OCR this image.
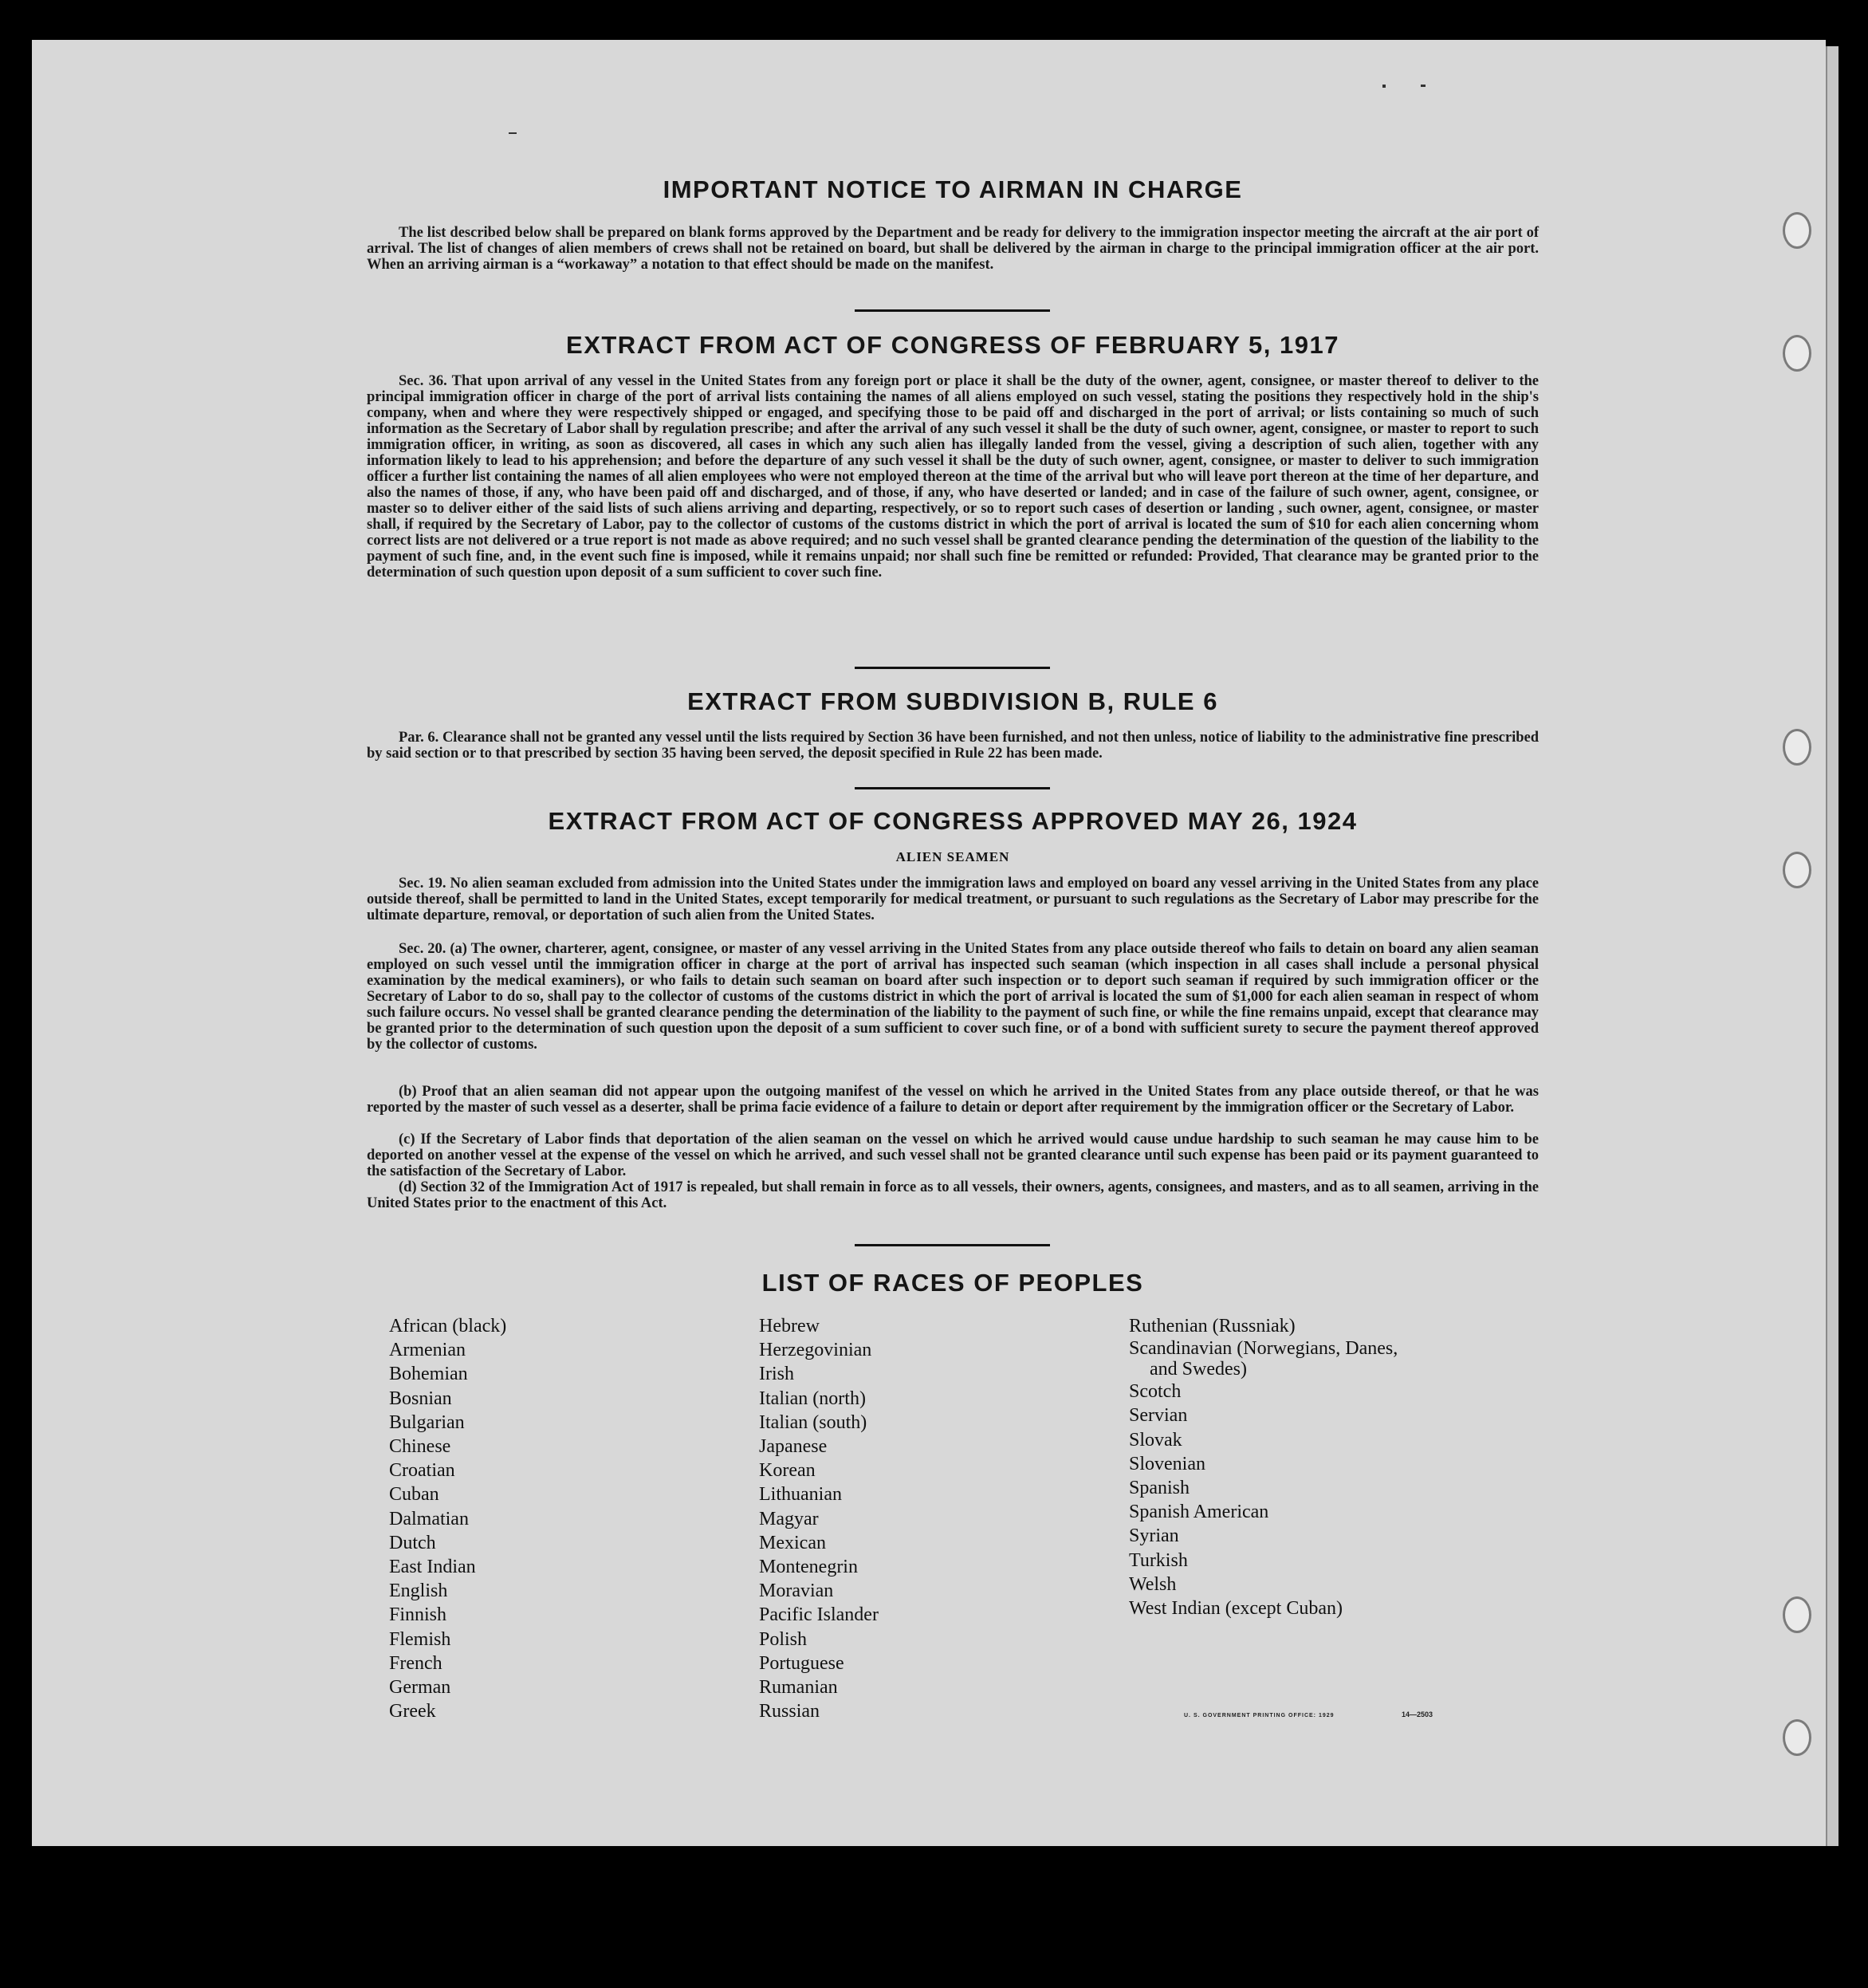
IMPORTANT NOTICE TO AIRMAN IN CHARGE

The list described below shall be prepared on blank forms approved by the Department and be ready for delivery to the immigration inspector meeting the aircraft at the air port of arrival. The list of changes of alien members of crews shall not be retained on board, but shall be delivered by the airman in charge to the principal immigration officer at the air port. When an arriving airman is a “workaway” a notation to that effect should be made on the manifest.

EXTRACT FROM ACT OF CONGRESS OF FEBRUARY 5, 1917

Sec. 36. That upon arrival of any vessel in the United States from any foreign port or place it shall be the duty of the owner, agent, consignee, or master thereof to deliver to the principal immigration officer in charge of the port of arrival lists containing the names of all aliens employed on such vessel, stating the positions they respectively hold in the ship's company, when and where they were respectively shipped or engaged, and specifying those to be paid off and discharged in the port of arrival; or lists containing so much of such information as the Secretary of Labor shall by regulation prescribe; and after the arrival of any such vessel it shall be the duty of such owner, agent, consignee, or master to report to such immigration officer, in writing, as soon as discovered, all cases in which any such alien has illegally landed from the vessel, giving a description of such alien, together with any information likely to lead to his apprehension; and before the departure of any such vessel it shall be the duty of such owner, agent, consignee, or master to deliver to such immigration officer a further list containing the names of all alien employees who were not employed thereon at the time of the arrival but who will leave port thereon at the time of her departure, and also the names of those, if any, who have been paid off and discharged, and of those, if any, who have deserted or landed; and in case of the failure of such owner, agent, consignee, or master so to deliver either of the said lists of such aliens arriving and departing, respectively, or so to report such cases of desertion or landing , such owner, agent, consignee, or master shall, if required by the Secretary of Labor, pay to the collector of customs of the customs district in which the port of arrival is located the sum of $10 for each alien concerning whom correct lists are not delivered or a true report is not made as above required; and no such vessel shall be granted clearance pending the determination of the question of the liability to the payment of such fine, and, in the event such fine is imposed, while it remains unpaid; nor shall such fine be remitted or refunded: Provided, That clearance may be granted prior to the determination of such question upon deposit of a sum sufficient to cover such fine.

EXTRACT FROM SUBDIVISION B, RULE 6

Par. 6. Clearance shall not be granted any vessel until the lists required by Section 36 have been furnished, and not then unless, notice of liability to the administrative fine prescribed by said section or to that prescribed by section 35 having been served, the deposit specified in Rule 22 has been made.

EXTRACT FROM ACT OF CONGRESS APPROVED MAY 26, 1924
ALIEN SEAMEN

Sec. 19. No alien seaman excluded from admission into the United States under the immigration laws and employed on board any vessel arriving in the United States from any place outside thereof, shall be permitted to land in the United States, except temporarily for medical treatment, or pursuant to such regulations as the Secretary of Labor may prescribe for the ultimate departure, removal, or deportation of such alien from the United States.

Sec. 20. (a) The owner, charterer, agent, consignee, or master of any vessel arriving in the United States from any place outside thereof who fails to detain on board any alien seaman employed on such vessel until the immigration officer in charge at the port of arrival has inspected such seaman (which inspection in all cases shall include a personal physical examination by the medical examiners), or who fails to detain such seaman on board after such inspection or to deport such seaman if required by such immigration officer or the Secretary of Labor to do so, shall pay to the collector of customs of the customs district in which the port of arrival is located the sum of $1,000 for each alien seaman in respect of whom such failure occurs. No vessel shall be granted clearance pending the determination of the liability to the payment of such fine, or while the fine remains unpaid, except that clearance may be granted prior to the determination of such question upon the deposit of a sum sufficient to cover such fine, or of a bond with sufficient surety to secure the payment thereof approved by the collector of customs.

(b) Proof that an alien seaman did not appear upon the outgoing manifest of the vessel on which he arrived in the United States from any place outside thereof, or that he was reported by the master of such vessel as a deserter, shall be prima facie evidence of a failure to detain or deport after requirement by the immigration officer or the Secretary of Labor.

(c) If the Secretary of Labor finds that deportation of the alien seaman on the vessel on which he arrived would cause undue hardship to such seaman he may cause him to be deported on another vessel at the expense of the vessel on which he arrived, and such vessel shall not be granted clearance until such expense has been paid or its payment guaranteed to the satisfaction of the Secretary of Labor.

(d) Section 32 of the Immigration Act of 1917 is repealed, but shall remain in force as to all vessels, their owners, agents, consignees, and masters, and as to all seamen, arriving in the United States prior to the enactment of this Act.

LIST OF RACES OF PEOPLES
African (black)
Armenian
Bohemian
Bosnian
Bulgarian
Chinese
Croatian
Cuban
Dalmatian
Dutch
East Indian
English
Finnish
Flemish
French
German
Greek
Hebrew
Herzegovinian
Irish
Italian (north)
Italian (south)
Japanese
Korean
Lithuanian
Magyar
Mexican
Montenegrin
Moravian
Pacific Islander
Polish
Portuguese
Rumanian
Russian
Ruthenian (Russniak)
Scandinavian (Norwegians, Danes,
and Swedes)
Scotch
Servian
Slovak
Slovenian
Spanish
Spanish American
Syrian
Turkish
Welsh
West Indian (except Cuban)
U. S. GOVERNMENT PRINTING OFFICE: 1929	14—2503
